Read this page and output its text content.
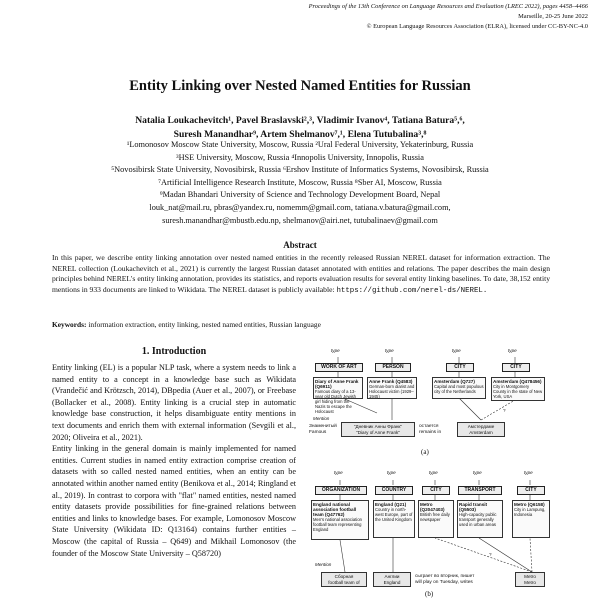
Proceedings of the 13th Conference on Language Resources and Evaluation (LREC 2022), pages 4458–4466
Marseille, 20-25 June 2022
© European Language Resources Association (ELRA), licensed under CC-BY-NC-4.0
Entity Linking over Nested Named Entities for Russian
Natalia Loukachevitch¹, Pavel Braslavski²,³, Vladimir Ivanov⁴, Tatiana Batura⁵,⁶,
Suresh Manandhar⁹, Artem Shelmanov⁷,¹, Elena Tutubalina³,⁸
¹Lomonosov Moscow State University, Moscow, Russia ²Ural Federal University, Yekaterinburg, Russia
³HSE University, Moscow, Russia ⁴Innopolis University, Innopolis, Russia
⁵Novosibirsk State University, Novosibirsk, Russia ⁶Ershov Institute of Informatics Systems, Novosibirsk, Russia
⁷Artificial Intelligence Research Institute, Moscow, Russia ⁸Sber AI, Moscow, Russia
⁹Madan Bhandari University of Science and Technology Development Board, Nepal
louk_nat@mail.ru, pbras@yandex.ru, nomemm@gmail.com, tatiana.v.batura@gmail.com,
suresh.manandhar@mbustb.edu.np, shelmanov@airi.net, tutubalinaev@gmail.com
Abstract
In this paper, we describe entity linking annotation over nested named entities in the recently released Russian NEREL dataset for information extraction. The NEREL collection (Loukachevitch et al., 2021) is currently the largest Russian dataset annotated with entities and relations. The paper describes the main design principles behind NEREL's entity linking annotation, provides its statistics, and reports evaluation results for several entity linking baselines. To date, 38,152 entity mentions in 933 documents are linked to Wikidata. The NEREL dataset is publicly available: https://github.com/nerel-ds/NEREL.
Keywords: information extraction, entity linking, nested named entities, Russian language
1. Introduction

Entity linking (EL) is a popular NLP task, where a system needs to link a named entity to a concept in a knowledge base such as Wikidata (Vrandečić and Krötzsch, 2014), DBpedia (Auer et al., 2007), or Freebase (Bollacker et al., 2008). Entity linking is a crucial step in automatic knowledge base construction, it helps disambiguate entity mentions in text documents and enrich them with external information (Sevgili et al., 2020; Oliveira et al., 2021).

Entity linking in the general domain is mainly implemented for named entities. Current studies in named entity extraction comprise creation of datasets with so called nested named entities, when an entity can be annotated within another named entity (Benikova et al., 2014; Ringland et al., 2019). In contrast to corpora with "flat" named entities, nested named entity datasets provide possibilities for fine-grained relations between entities and links to knowledge bases. For example, Lomonosov Moscow State University (Wikidata ID: Q13164) contains further entities – Moscow (the capital of Russia – Q649) and Mikhail Lomonosov (the founder of the Moscow State University – Q58720)

type	type	type	type
WORK OF ART	PERSON	CITY	CITY
Diary of Anne Frank (Q6911)
Famous diary of a 13-year old Dutch Jewish girl hiding from the Nazis to escape the Holocaust
Anne Frank (Q4583)
German-born diarist and Holocaust victim (1929–1945)
Amsterdam (Q727)
Capital and most populous city of the Netherlands
Amsterdam (Q478456)
City in Montgomery County in the state of New York, USA
Mention
?
Знаменитый
Famous
"Дневник Анны Франк"
"Diary of Anne Frank"
остается
remains in
Амстердаме
Amsterdam
(a)
type	type	type	type	type
ORGANIZATION	COUNTRY	CITY	TRANSPORT	CITY
England national association football team (Q47762)
Men's national association football team representing England
England (Q21)
Country in north-west Europe, part of the United Kingdom
Metro (Q2047403)
British free daily newspaper
Rapid transit (Q5503)
High-capacity public transport generally used in urban areas
Metro (Q6158)
City in Lampung, Indonesia
Mention
?
Сборная
football team of
Англии
England
сыграет во вторник, пишет
will play on Tuesday, writes
Metro
Metro
(b)
